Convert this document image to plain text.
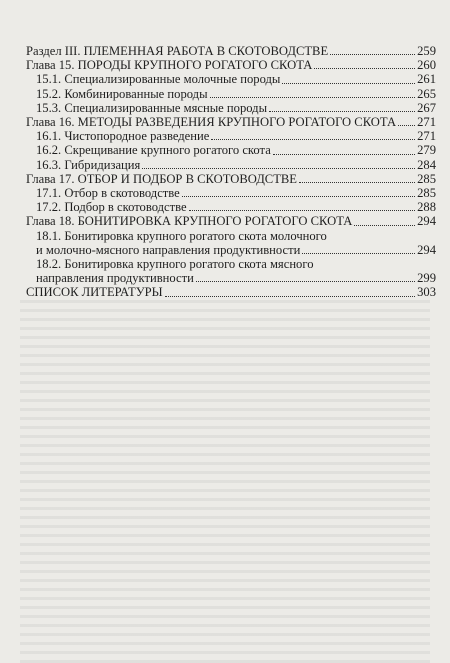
Раздел III. ПЛЕМЕННАЯ РАБОТА В СКОТОВОДСТВЕ	259
Глава 15. ПОРОДЫ КРУПНОГО РОГАТОГО СКОТА	260
15.1. Специализированные молочные породы	261
15.2. Комбинированные породы	265
15.3. Специализированные мясные породы	267
Глава 16. МЕТОДЫ РАЗВЕДЕНИЯ КРУПНОГО РОГАТОГО СКОТА 271
16.1. Чистопородное разведение	271
16.2. Скрещивание крупного рогатого скота	279
16.3. Гибридизация	284
Глава 17. ОТБОР И ПОДБОР В СКОТОВОДСТВЕ	285
17.1. Отбор в скотоводстве	285
17.2. Подбор в скотоводстве	288
Глава 18. БОНИТИРОВКА КРУПНОГО РОГАТОГО СКОТА	294
18.1. Бонитировка крупного рогатого скота молочного
и молочно-мясного направления продуктивности	294
18.2. Бонитировка крупного рогатого скота мясного
направления продуктивности	299
СПИСОК ЛИТЕРАТУРЫ	303
